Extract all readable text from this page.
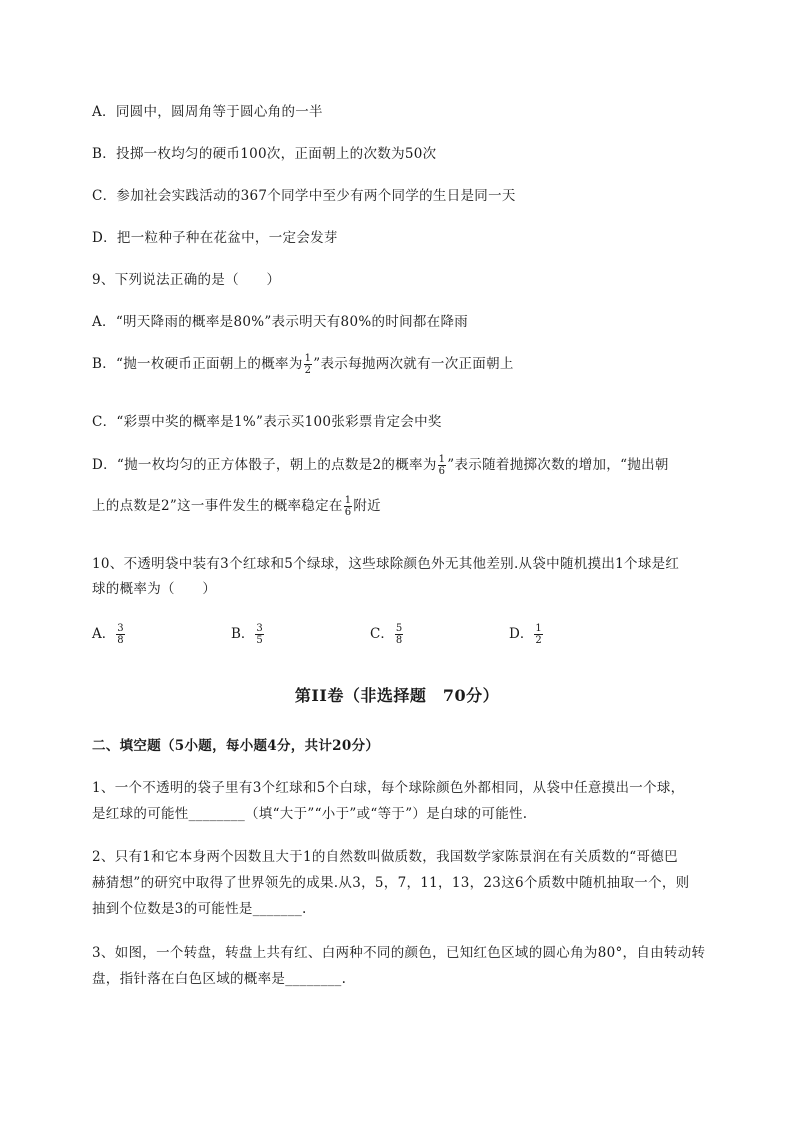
A．同圆中，圆周角等于圆心角的一半
B．投掷一枚均匀的硬币100次，正面朝上的次数为50次
C．参加社会实践活动的367个同学中至少有两个同学的生日是同一天
D．把一粒种子种在花盆中，一定会发芽
9、下列说法正确的是（　　）
A．“明天降雨的概率是80%”表示明天有80%的时间都在降雨
B．“抛一枚硬币正面朝上的概率为 $\frac{1}{2}$ ”表示每抛两次就有一次正面朝上
C．“彩票中奖的概率是1%”表示买100张彩票肯定会中奖
D．“抛一枚均匀的正方体骰子，朝上的点数是2的概率为 $\frac{1}{6}$ ”表示随着抛掷次数的增加，“抛出朝
上的点数是2”这一事件发生的概率稳定在 $\frac{1}{6}$ 附近
10、不透明袋中装有3个红球和5个绿球，这些球除颜色外无其他差别.从袋中随机摸出1个球是红
球的概率为（　　）
A． $\frac{3}{8}$	B． $\frac{3}{5}$	C． $\frac{5}{8}$	D． $\frac{1}{2}$
第II卷（非选择题　70分）
二、填空题（5小题，每小题4分，共计20分）
1、一个不透明的袋子里有3个红球和5个白球，每个球除颜色外都相同，从袋中任意摸出一个球，
是红球的可能性________（填“大于”“小于”或“等于”）是白球的可能性.
2、只有1和它本身两个因数且大于1的自然数叫做质数，我国数学家陈景润在有关质数的“哥德巴
赫猜想”的研究中取得了世界领先的成果.从3，5，7，11，13，23这6个质数中随机抽取一个，则
抽到个位数是3的可能性是_______.
3、如图，一个转盘，转盘上共有红、白两种不同的颜色，已知红色区域的圆心角为80°，自由转动转
盘，指针落在白色区域的概率是________.
